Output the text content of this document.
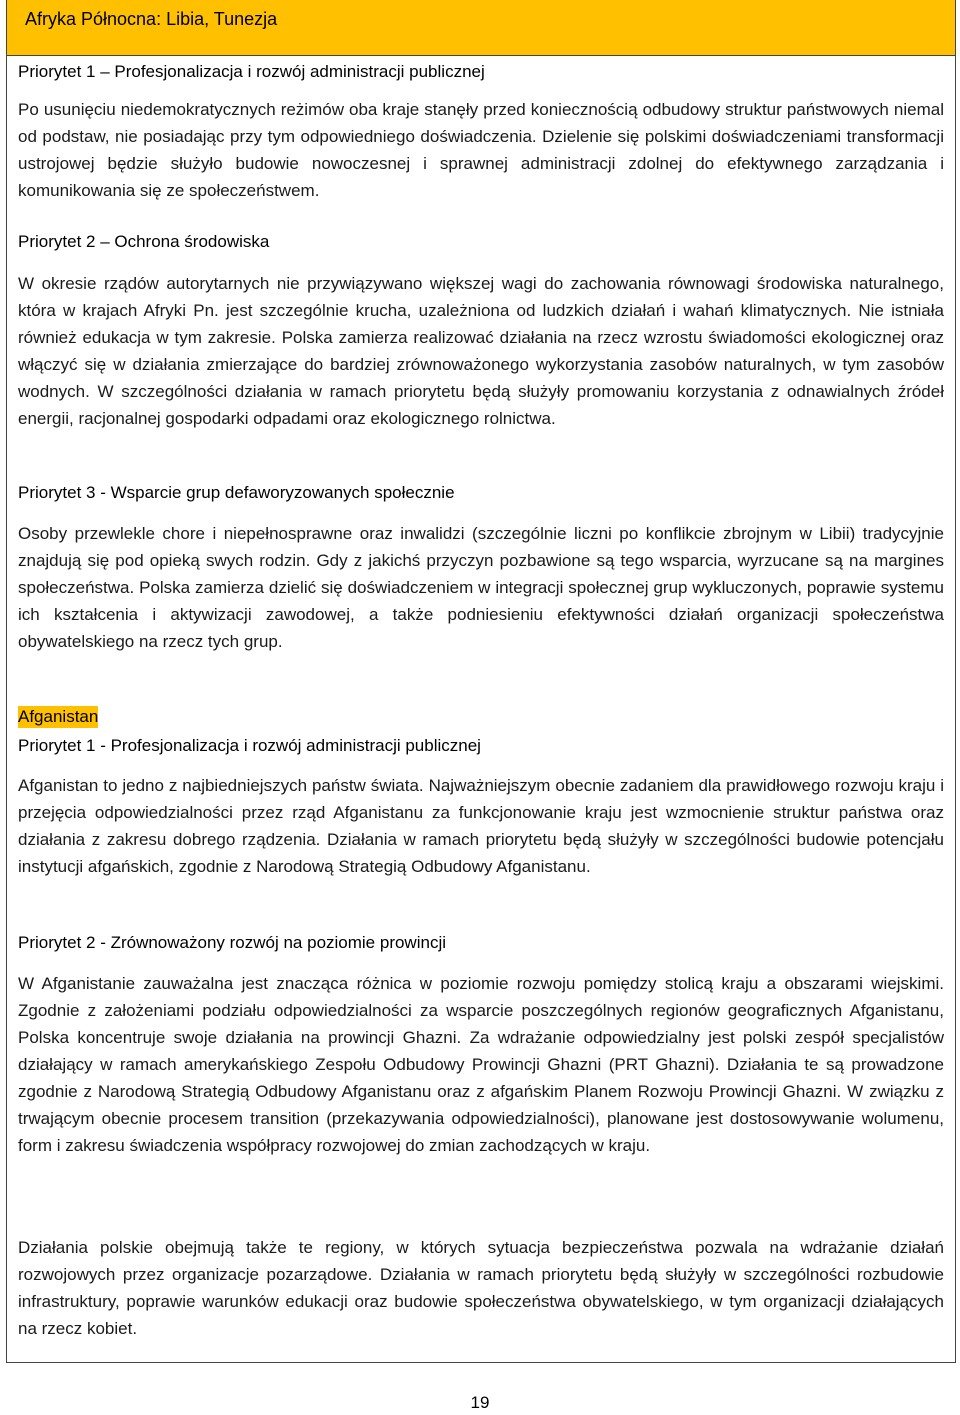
Afryka Północna: Libia, Tunezja

Priorytet 1 – Profesjonalizacja i rozwój administracji publicznej

Po usunięciu niedemokratycznych reżimów oba kraje stanęły przed koniecznością odbudowy struktur państwowych niemal od podstaw, nie posiadając przy tym odpowiedniego doświadczenia. Dzielenie się polskimi doświadczeniami transformacji ustrojowej będzie służyło budowie nowoczesnej i sprawnej administracji zdolnej do efektywnego zarządzania i komunikowania się ze społeczeństwem.

Priorytet 2 – Ochrona środowiska

W okresie rządów autorytarnych nie przywiązywano większej wagi do zachowania równowagi środowiska naturalnego, która w krajach Afryki Pn. jest szczególnie krucha, uzależniona od ludzkich działań i wahań klimatycznych. Nie istniała również edukacja w tym zakresie. Polska zamierza realizować działania na rzecz wzrostu świadomości ekologicznej oraz włączyć się w działania zmierzające do bardziej zrównoważonego wykorzystania zasobów naturalnych, w tym zasobów wodnych. W szczególności działania w ramach priorytetu będą służyły promowaniu korzystania z odnawialnych źródeł energii, racjonalnej gospodarki odpadami oraz ekologicznego rolnictwa.

Priorytet 3 - Wsparcie grup defaworyzowanych społecznie

Osoby przewlekle chore i niepełnosprawne oraz inwalidzi (szczególnie liczni po konflikcie zbrojnym w Libii) tradycyjnie znajdują się pod opieką swych rodzin. Gdy z jakichś przyczyn pozbawione są tego wsparcia, wyrzucane są na margines społeczeństwa. Polska zamierza dzielić się doświadczeniem w integracji społecznej grup wykluczonych, poprawie systemu ich kształcenia i aktywizacji zawodowej, a także podniesieniu efektywności działań organizacji społeczeństwa obywatelskiego na rzecz tych grup.

Afganistan

Priorytet 1 - Profesjonalizacja i rozwój administracji publicznej

Afganistan to jedno z najbiedniejszych państw świata. Najważniejszym obecnie zadaniem dla prawidłowego rozwoju kraju i przejęcia odpowiedzialności przez rząd Afganistanu za funkcjonowanie kraju jest wzmocnienie struktur państwa oraz działania z zakresu dobrego rządzenia. Działania w ramach priorytetu będą służyły w szczególności budowie potencjału instytucji afgańskich, zgodnie z Narodową Strategią Odbudowy Afganistanu.

Priorytet 2 - Zrównoważony rozwój na poziomie prowincji

W Afganistanie zauważalna jest znacząca różnica w poziomie rozwoju pomiędzy stolicą kraju a obszarami wiejskimi. Zgodnie z założeniami podziału odpowiedzialności za wsparcie poszczególnych regionów geograficznych Afganistanu, Polska koncentruje swoje działania na prowincji Ghazni. Za wdrażanie odpowiedzialny jest polski zespół specjalistów działający w ramach amerykańskiego Zespołu Odbudowy Prowincji Ghazni (PRT Ghazni). Działania te są prowadzone zgodnie z Narodową Strategią Odbudowy Afganistanu oraz z afgańskim Planem Rozwoju Prowincji Ghazni. W związku z trwającym obecnie procesem transition (przekazywania odpowiedzialności), planowane jest dostosowywanie wolumenu, form i zakresu świadczenia współpracy rozwojowej do zmian zachodzących w kraju.

Działania polskie obejmują także te regiony, w których sytuacja bezpieczeństwa pozwala na wdrażanie działań rozwojowych przez organizacje pozarządowe. Działania w ramach priorytetu będą służyły w szczególności rozbudowie infrastruktury, poprawie warunków edukacji oraz budowie społeczeństwa obywatelskiego, w tym organizacji działających na rzecz kobiet.

19
